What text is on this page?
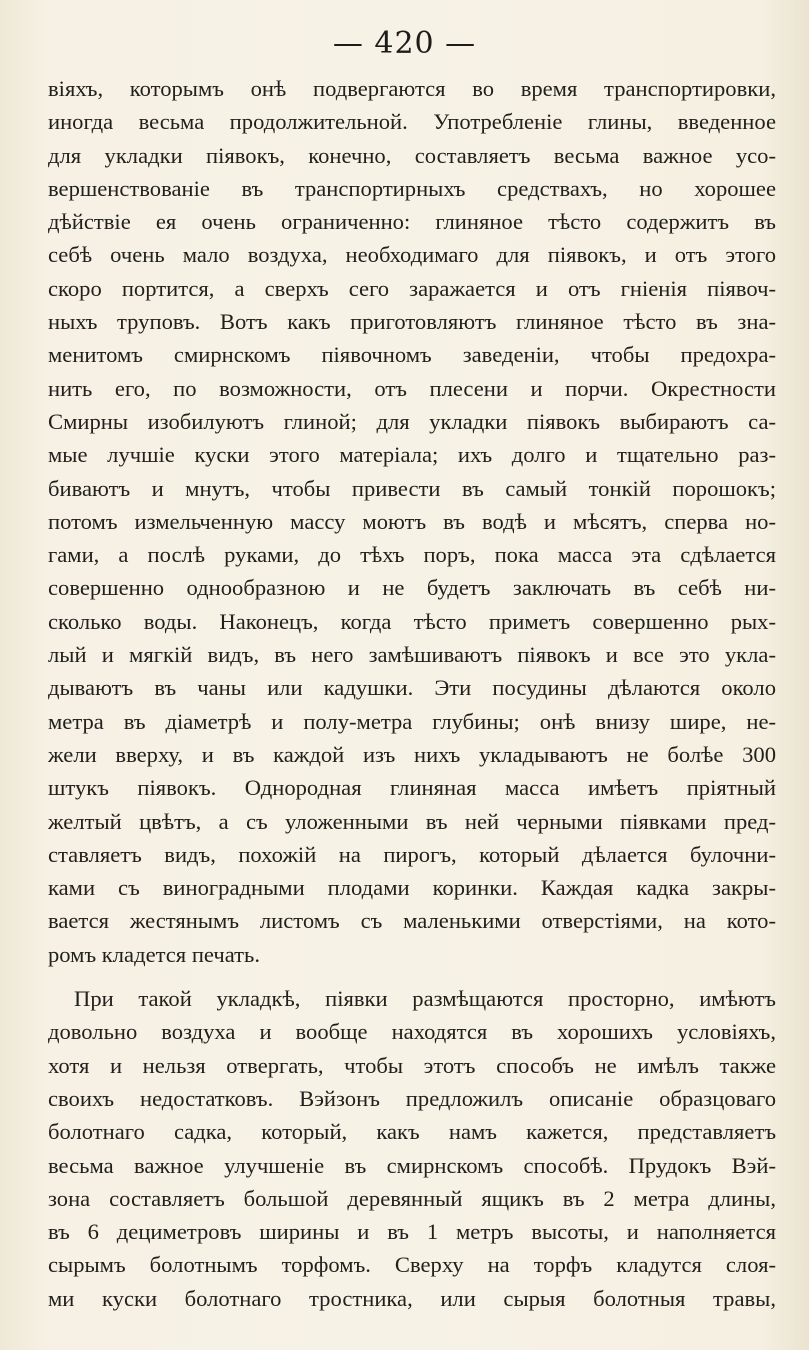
— 420 —
віяхъ, которымъ онѣ подвергаются во время транспортировки,
иногда весьма продолжительной. Употребленіе глины, введенное
для укладки піявокъ, конечно, составляетъ весьма важное усо-
вершенствованіе въ транспортирныхъ средствахъ, но хорошее
дѣйствіе ея очень ограниченно: глиняное тѣсто содержитъ въ
себѣ очень мало воздуха, необходимаго для піявокъ, и отъ этого
скоро портится, а сверхъ сего заражается и отъ гніенія піявоч-
ныхъ труповъ. Вотъ какъ приготовляютъ глиняное тѣсто въ зна-
менитомъ смирнскомъ піявочномъ заведеніи, чтобы предохра-
нить его, по возможности, отъ плесени и порчи. Окрестности
Смирны изобилуютъ глиной; для укладки піявокъ выбираютъ са-
мые лучшіе куски этого матеріала; ихъ долго и тщательно раз-
биваютъ и мнутъ, чтобы привести въ самый тонкій порошокъ;
потомъ измельченную массу моютъ въ водѣ и мѣсятъ, сперва но-
гами, а послѣ руками, до тѣхъ поръ, пока масса эта сдѣлается
совершенно однообразною и не будетъ заключать въ себѣ ни-
сколько воды. Наконецъ, когда тѣсто приметъ совершенно рых-
лый и мягкій видъ, въ него замѣшиваютъ піявокъ и все это укла-
дываютъ въ чаны или кадушки. Эти посудины дѣлаются около
метра въ діаметрѣ и полу-метра глубины; онѣ внизу шире, не-
жели вверху, и въ каждой изъ нихъ укладываютъ не болѣе 300
штукъ піявокъ. Однородная глиняная масса имѣетъ пріятный
желтый цвѣтъ, а съ уложенными въ ней черными піявками пред-
ставляетъ видъ, похожій на пирогъ, который дѣлается булочни-
ками съ виноградными плодами коринки. Каждая кадка закры-
вается жестянымъ листомъ съ маленькими отверстіями, на кото-
ромъ кладется печать.
При такой укладкѣ, піявки размѣщаются просторно, имѣютъ
довольно воздуха и вообще находятся въ хорошихъ условіяхъ,
хотя и нельзя отвергать, чтобы этотъ способъ не имѣлъ также
своихъ недостатковъ. Вэйзонъ предложилъ описаніе образцоваго
болотнаго садка, который, какъ намъ кажется, представляетъ
весьма важное улучшеніе въ смирнскомъ способѣ. Прудокъ Вэй-
зона составляетъ большой деревянный ящикъ въ 2 метра длины,
въ 6 дециметровъ ширины и въ 1 метръ высоты, и наполняется
сырымъ болотнымъ торфомъ. Сверху на торфъ кладутся слоя-
ми куски болотнаго тростника, или сырыя болотныя травы,
